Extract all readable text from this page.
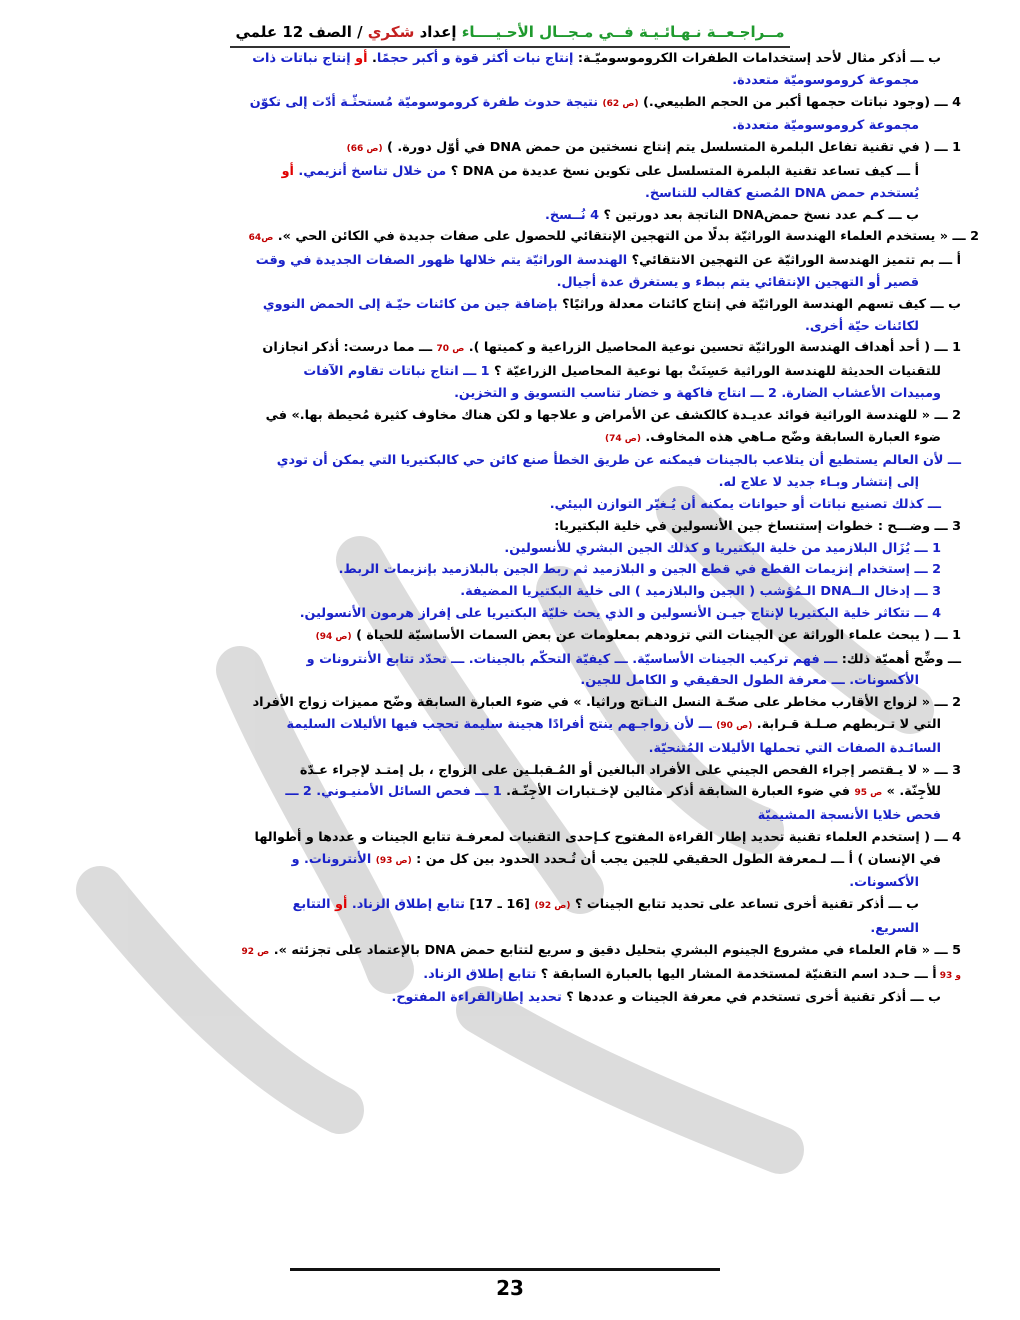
مــراجـعــة نـهـائـيـة فــي مـجــال الأحـيــــاء إعداد شكري / الصف 12 علمي
ب ـــ أذكر مثال لأحد إستخدامات الطفرات الكروموسوميّـة: إنتاج نبات أكثر قوة و أكبر حجمًا. أو إنتاج نباتات ذات
مجموعة كروموسوميّة متعددة.
4 ـــ (وجود نباتات حجمها أكبر من الحجم الطبيعي.) (ص 62) نتيجة حدوث طفرة كروموسوميّة مُستحثّـة أدّت إلى تكوّن
مجموعة كروموسوميّة متعددة.
1 ـــ ( في تقنية تفاعل البلمرة المتسلسل يتم إنتاج نسختين من حمض DNA في أوّل دورة. ) (ص 66)
أ ـــ كيف تساعد تقنية البلمرة المتسلسل على تكوين نسخ عديدة من DNA ؟ من خلال تناسخ أنزيمي. أو
يُستخدم حمض DNA المُصنع كقالب للتناسخ.
ب ـــ كـم عدد نسخ حمضDNA الناتجة بعد دورتين ؟ 4 نُــسخ.
2 ـــ « يستخدم العلماء الهندسة الوراثيّة بدلًا من التهجين الإنتقائي للحصول على صفات جديدة في الكائن الحي ». ص64
أ ـــ بم تتميز الهندسة الوراثيّة عن التهجين الانتقائي؟ الهندسة الوراثيّة يتم خلالها ظهور الصفات الجديدة في وقت
قصير أو التهجين الإنتقائي يتم ببطء و يستغرق عدة أجيال.
ب ـــ كيف تسهم الهندسة الوراثيّة في إنتاج كائنات معدلة وراثيًا؟ بإضافة جين من كائنات حيّـة إلى الحمض النووي
لكائنات حيّة أخرى.
1 ـــ ( أحد أهداف الهندسة الوراثيّة تحسين نوعية المحاصيل الزراعية و كميتها ). ص 70 ـــ مما درست: أذكر انجازان
للتقنيات الحديثة للهندسة الوراثية حَسِنَتْ بها نوعية المحاصيل الزراعيّة ؟ 1 ـــ انتاج نباتات تقاوم الآفات
ومبيدات الأعشاب الضارة. 2 ـــ انتاج فاكهة و خضار تناسب التسويق و التخزين.
2 ـــ « للهندسة الوراثية فوائد عديـدة كالكشف عن الأمراض و علاجها و لكن هناك مخاوف كثيرة مُحيطة بها.» في
ضوء العبارة السابقة وضّح مـاهي هذه المخاوف. (ص 74)
ـــ لأن العالم يستطيع أن يتلاعب بالجينات فيمكنه عن طريق الخطأ صنع كائن حي كالبكتيريا التي يمكن أن تودي
إلى إنتشار وبـاء جديد لا علاج له.
ـــ كذلك تصنيع نباتات أو حيوانات يمكنه أن يُـغيّر التوازن البيئي.
3 ـــ وضـــح : خطوات إستنساخ جين الأنسولين في خلية البكتيريا:
1 ـــ يُزَال البلازميد من خلية البكتيريا و كذلك الجين البشري للأنسولين.
2 ـــ إستخدام إنزيمات القطع في قطع الجين و البلازميد ثم ربط الجين بالبلازميد بإنزيمات الربط.
3 ـــ إدخال الــDNA الـمُؤشب ( الجين والبلازميد ) الى خلية البكتيريا المضيفة.
4 ـــ تتكاثر خلية البكتيريا لإنتاج جيـن الأنسولين و الذي يحث خليّة البكتيريا على إفراز هرمون الأنسولين.
1 ـــ ( يبحث علماء الوراثة عن الجينات التي تزودهم بمعلومات عن بعض السمات الأساسيّة للحياة ) (ص 94)
ـــ وضِّح أهميّة ذلك: ـــ فهم تركيب الجينات الأساسيّة. ـــ كيفيّة التحكّم بالجينات. ـــ تحدّد تتابع الأنترونات و
الأكسونات. ـــ معرفة الطول الحقيقي و الكامل للجين.
2 ـــ « لزواج الأقارب مخاطر على صحّـة النسل النـاتج وراثيا. » في ضوء العبارة السابقة وضّح مميزات زواج الأفراد
التي لا تـربطهم صـلـة قـرابة. (ص 90) ـــ لأن زواجـهم ينتج أفرادًا هجينة سليمة تحجب فيها الأليلات السليمة
السائـدة الصفات التي تحملها الأليلات المُتنحيّة.
3 ـــ « لا يـقتصر إجراء الفحص الجيني على الأفراد البالغين أو المُـقبلـين على الزواج ، بل إمتـد لإجراء عـدّة
للأجِنّة. » ص 95 في ضوء العبارة السابقة أذكر مثالين لإخـتبارات الأجِنّـة. 1 ـــ فحص السائل الأمنيـوني. 2 ـــ
فحص خلايا الأنسجة المشيميّة
4 ـــ ( إستخدم العلماء تقنية تحديد إطار القراءة المفتوح كـإحدى التقنيات لمعرفـة تتابع الجينات و عددها و أطوالها
في الإنسان ) أ ـــ لـمعرفة الطول الحقيقي للجين يجب أن تُـحدد الحدود بين كل من : (ص 93) الأنترونات. و
الأكسونات.
ب ـــ أذكر تقنية أخرى تساعد على تحديد تتابع الجينات ؟ (ص 92) [16 ـ 17] تتابع إطلاق الزناد. أو التتابع
السريع.
5 ـــ « قام العلماء في مشروع الجينوم البشري بتحليل دقيق و سريع لتتابع حمض DNA بالإعتماد على تجزئته ». ص 92
و 93 أ ـــ حـدد اسم التقنيّة لمستخدمة المشار اليها بالعبارة السابقة ؟ تتابع إطلاق الزناد.
ب ـــ أذكر تقنية أخرى تستخدم في معرفة الجينات و عددها ؟ تحديد إطارالقراءة المفتوح.
23
